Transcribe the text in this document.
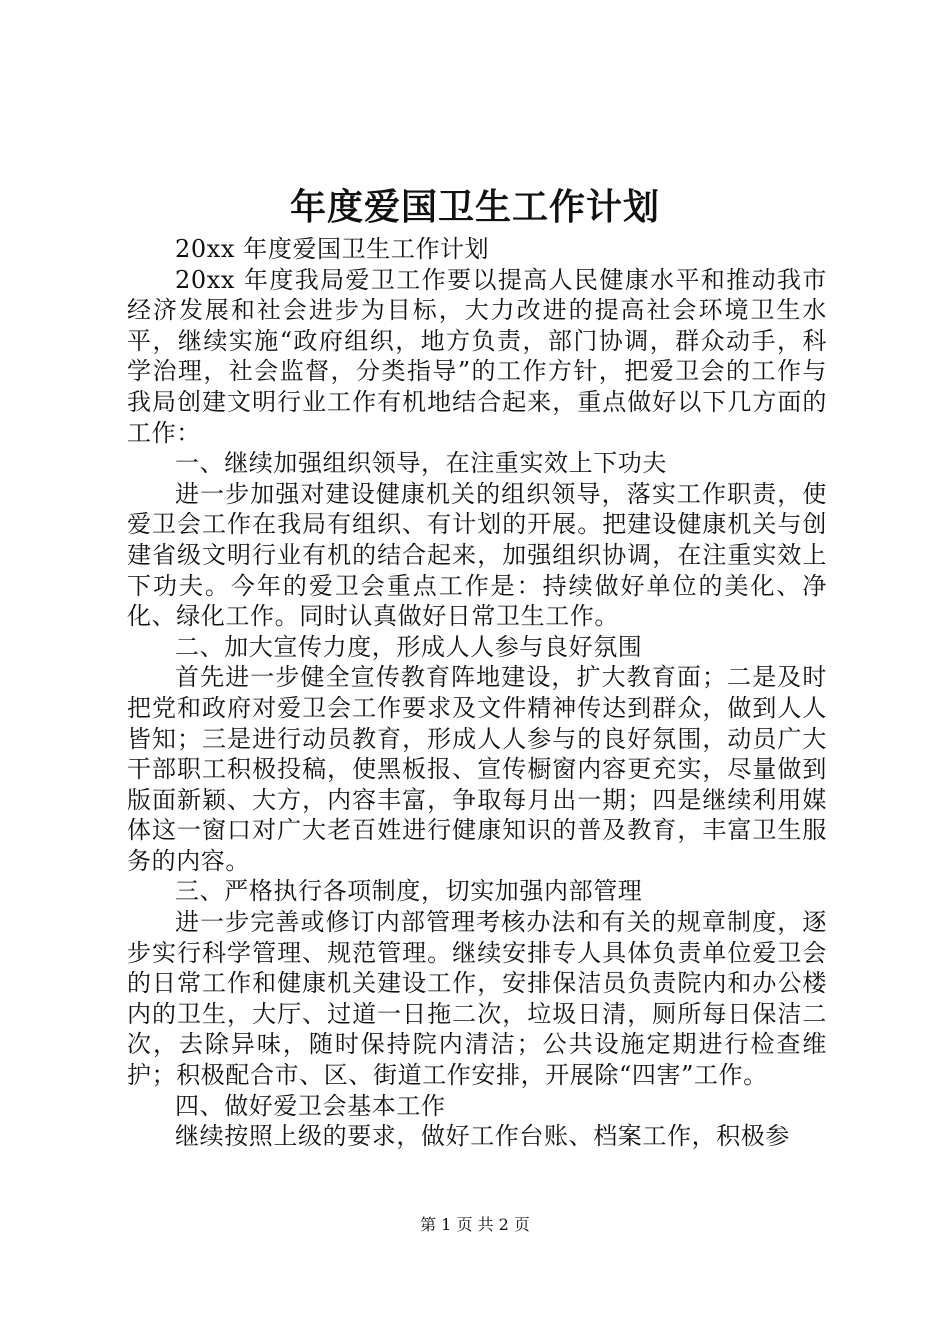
年度爱国卫生工作计划

20xx 年度爱国卫生工作计划

20xx 年度我局爱卫工作要以提高人民健康水平和推动我市经济发展和社会进步为目标，大力改进的提高社会环境卫生水平，继续实施“政府组织，地方负责，部门协调，群众动手，科学治理，社会监督，分类指导”的工作方针，把爱卫会的工作与我局创建文明行业工作有机地结合起来，重点做好以下几方面的工作：

一、继续加强组织领导，在注重实效上下功夫

进一步加强对建设健康机关的组织领导，落实工作职责，使爱卫会工作在我局有组织、有计划的开展。把建设健康机关与创建省级文明行业有机的结合起来，加强组织协调，在注重实效上下功夫。今年的爱卫会重点工作是：持续做好单位的美化、净化、绿化工作。同时认真做好日常卫生工作。

二、加大宣传力度，形成人人参与良好氛围

首先进一步健全宣传教育阵地建设，扩大教育面；二是及时把党和政府对爱卫会工作要求及文件精神传达到群众，做到人人皆知；三是进行动员教育，形成人人参与的良好氛围，动员广大干部职工积极投稿，使黑板报、宣传橱窗内容更充实，尽量做到版面新颖、大方，内容丰富，争取每月出一期；四是继续利用媒体这一窗口对广大老百姓进行健康知识的普及教育，丰富卫生服务的内容。

三、严格执行各项制度，切实加强内部管理

进一步完善或修订内部管理考核办法和有关的规章制度，逐步实行科学管理、规范管理。继续安排专人具体负责单位爱卫会的日常工作和健康机关建设工作，安排保洁员负责院内和办公楼内的卫生，大厅、过道一日拖二次，垃圾日清，厕所每日保洁二次，去除异味，随时保持院内清洁；公共设施定期进行检查维护；积极配合市、区、街道工作安排，开展除“四害”工作。

四、做好爱卫会基本工作

继续按照上级的要求，做好工作台账、档案工作，积极参

第 1 页 共 2 页
